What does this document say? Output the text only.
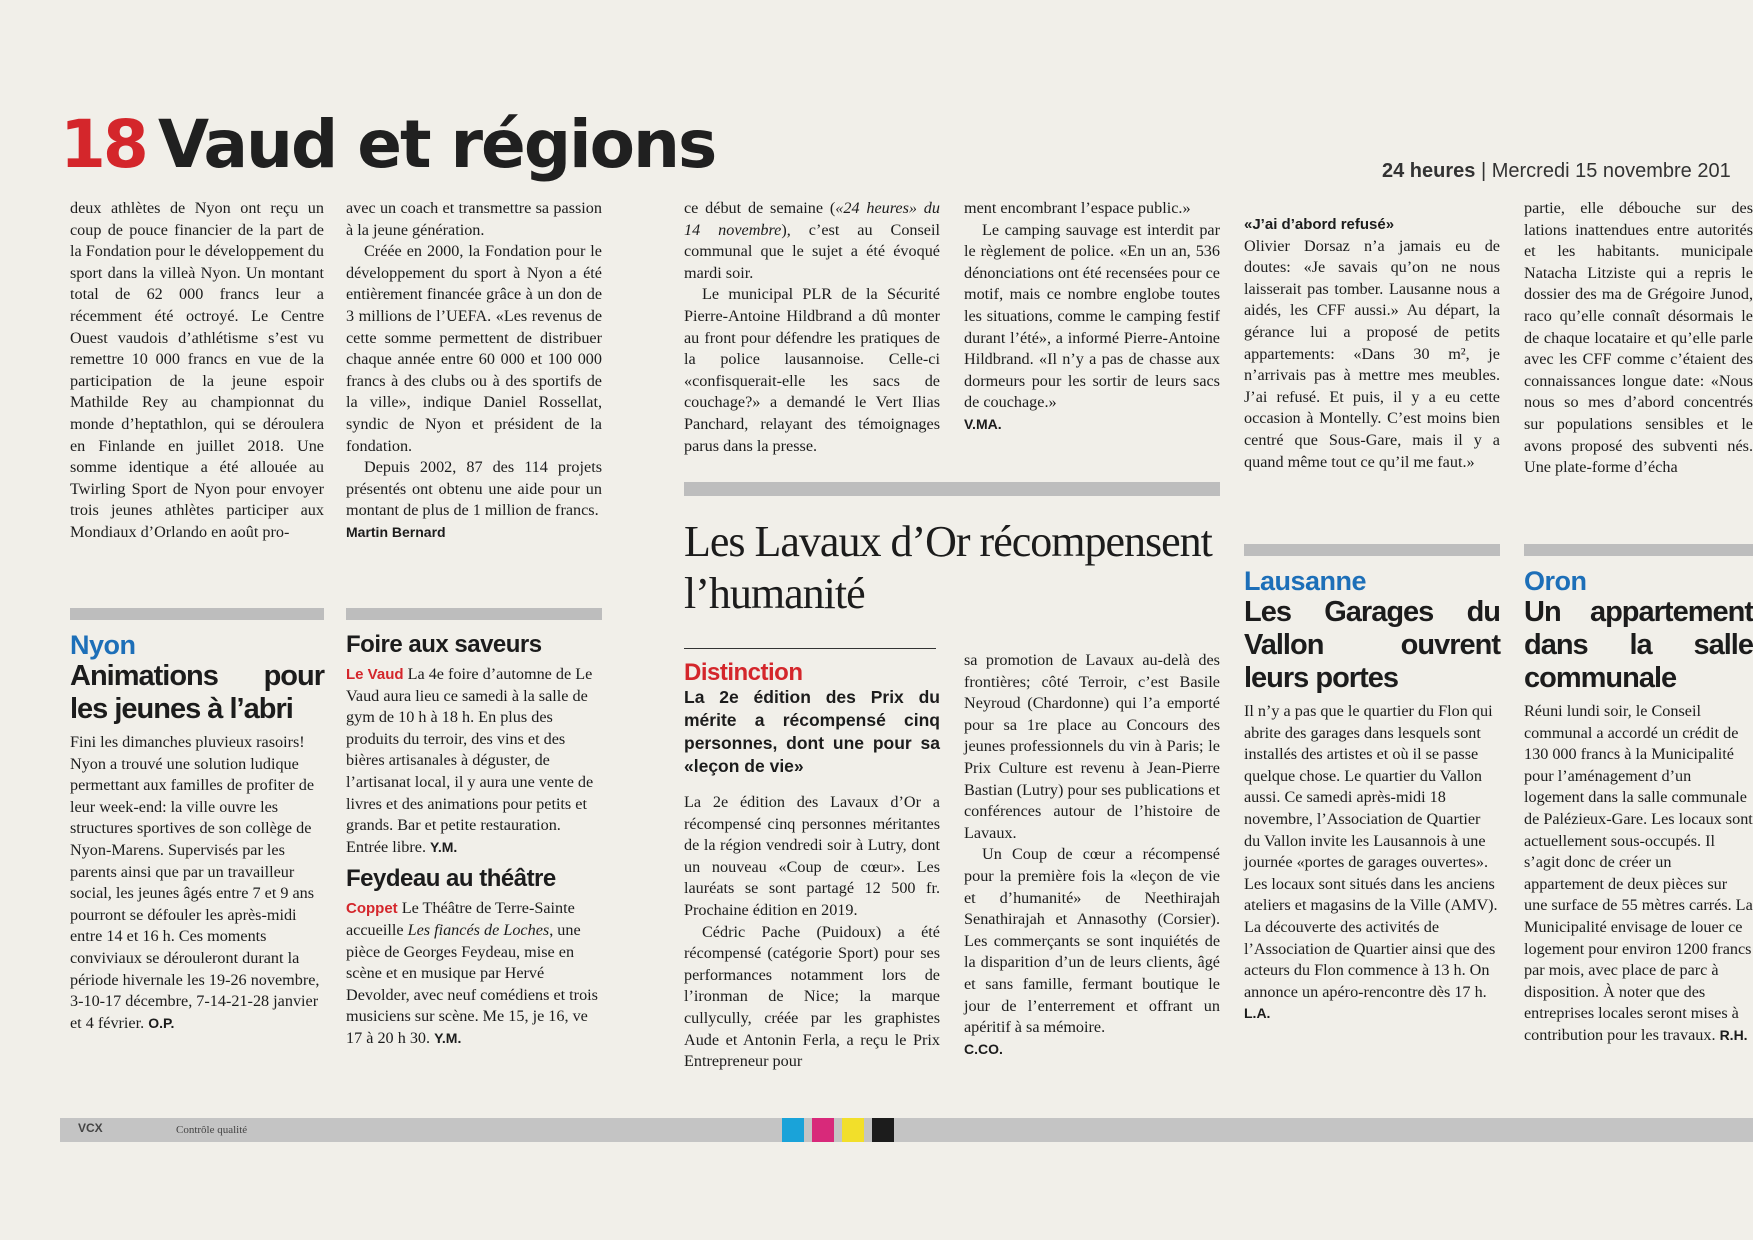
18 Vaud et régions	24 heures | Mercredi 15 novembre 201

deux athlètes de Nyon ont reçu un coup de pouce financier de la part de la Fondation pour le développement du sport dans la villeà Nyon. Un montant total de 62 000 francs leur a récemment été octroyé. Le Centre Ouest vaudois d’athlétisme s’est vu remettre 10 000 francs en vue de la participation de la jeune espoir Mathilde Rey au championnat du monde d’heptathlon, qui se déroulera en Finlande en juillet 2018. Une somme identique a été allouée au Twirling Sport de Nyon pour envoyer trois jeunes athlètes participer aux Mondiaux d’Orlando en août pro-

Nyon
Animations pour les jeunes à l’abri

Fini les dimanches pluvieux rasoirs! Nyon a trouvé une solution ludique permettant aux familles de profiter de leur week-end: la ville ouvre les structures sportives de son collège de Nyon-Marens. Supervisés par les parents ainsi que par un travailleur social, les jeunes âgés entre 7 et 9 ans pourront se défouler les après-midi entre 14 et 16 h. Ces moments conviviaux se dérouleront durant la période hivernale les 19-26 novembre, 3-10-17 décembre, 7-14-21-28 janvier et 4 février. O.P.

avec un coach et transmettre sa passion à la jeune génération.

Créée en 2000, la Fondation pour le développement du sport à Nyon a été entièrement financée grâce à un don de 3 millions de l’UEFA. «Les revenus de cette somme permettent de distribuer chaque année entre 60 000 et 100 000 francs à des clubs ou à des sportifs de la ville», indique Daniel Rossellat, syndic de Nyon et président de la fondation.

Depuis 2002, 87 des 114 projets présentés ont obtenu une aide pour un montant de plus de 1 million de francs.

Martin Bernard

Foire aux saveurs

Le Vaud La 4e foire d’automne de Le Vaud aura lieu ce samedi à la salle de gym de 10 h à 18 h. En plus des produits du terroir, des vins et des bières artisanales à déguster, de l’artisanat local, il y aura une vente de livres et des animations pour petits et grands. Bar et petite restauration. Entrée libre. Y.M.

Feydeau au théâtre

Coppet Le Théâtre de Terre-Sainte accueille Les fiancés de Loches, une pièce de Georges Feydeau, mise en scène et en musique par Hervé Devolder, avec neuf comédiens et trois musiciens sur scène. Me 15, je 16, ve 17 à 20 h 30. Y.M.

ce début de semaine («24 heures» du 14 novembre), c’est au Conseil communal que le sujet a été évoqué mardi soir.

Le municipal PLR de la Sécurité Pierre-Antoine Hildbrand a dû monter au front pour défendre les pratiques de la police lausannoise. Celle-ci «confisquerait-elle les sacs de couchage?» a demandé le Vert Ilias Panchard, relayant des témoignages parus dans la presse.

ment encombrant l’espace public.»

Le camping sauvage est interdit par le règlement de police. «En un an, 536 dénonciations ont été recensées pour ce motif, mais ce nombre englobe toutes les situations, comme le camping festif durant l’été», a informé Pierre-Antoine Hildbrand. «Il n’y a pas de chasse aux dormeurs pour les sortir de leurs sacs de couchage.»

V.MA.

Les Lavaux d’Or récompensent l’humanité
Distinction
La 2e édition des Prix du mérite a récompensé cinq personnes, dont une pour sa «leçon de vie»

La 2e édition des Lavaux d’Or a récompensé cinq personnes méritantes de la région vendredi soir à Lutry, dont un nouveau «Coup de cœur». Les lauréats se sont partagé 12 500 fr. Prochaine édition en 2019.

Cédric Pache (Puidoux) a été récompensé (catégorie Sport) pour ses performances notamment lors de l’ironman de Nice; la marque cullycully, créée par les graphistes Aude et Antonin Ferla, a reçu le Prix Entrepreneur pour

sa promotion de Lavaux au-delà des frontières; côté Terroir, c’est Basile Neyroud (Chardonne) qui l’a emporté pour sa 1re place au Concours des jeunes professionnels du vin à Paris; le Prix Culture est revenu à Jean-Pierre Bastian (Lutry) pour ses publications et conférences autour de l’histoire de Lavaux.

Un Coup de cœur a récompensé pour la première fois la «leçon de vie et d’humanité» de Neethirajah Senathirajah et Annasothy (Corsier). Les commerçants se sont inquiétés de la disparition d’un de leurs clients, âgé et sans famille, fermant boutique le jour de l’enterrement et offrant un apéritif à sa mémoire.

C.CO.

«J’ai d’abord refusé»

Olivier Dorsaz n’a jamais eu de doutes: «Je savais qu’on ne nous laisserait pas tomber. Lausanne nous a aidés, les CFF aussi.» Au départ, la gérance lui a proposé de petits appartements: «Dans 30 m², je n’arrivais pas à mettre mes meubles. J’ai refusé. Et puis, il y a eu cette occasion à Montelly. C’est moins bien centré que Sous-Gare, mais il y a quand même tout ce qu’il me faut.»

Lausanne
Les Garages du Vallon ouvrent leurs portes

Il n’y a pas que le quartier du Flon qui abrite des garages dans lesquels sont installés des artistes et où il se passe quelque chose. Le quartier du Vallon aussi. Ce samedi après-midi 18 novembre, l’Association de Quartier du Vallon invite les Lausannois à une journée «portes de garages ouvertes». Les locaux sont situés dans les anciens ateliers et magasins de la Ville (AMV). La découverte des activités de l’Association de Quartier ainsi que des acteurs du Flon commence à 13 h. On annonce un apéro-rencontre dès 17 h. L.A.

partie, elle débouche sur des lations inattendues entre autorités et les habitants. municipale Natacha Litziste qui a repris le dossier des ma de Grégoire Junod, raco qu’elle connaît désormais le de chaque locataire et qu’elle parle avec les CFF comme c’étaient des connaissances longue date: «Nous nous so mes d’abord concentrés sur populations sensibles et le avons proposé des subventi nés. Une plate-forme d’écha

Oron
Un appartement dans la salle communale

Réuni lundi soir, le Conseil communal a accordé un crédit de 130 000 francs à la Municipalité pour l’aménagement d’un logement dans la salle communale de Palézieux-Gare. Les locaux sont actuellement sous-occupés. Il s’agit donc de créer un appartement de deux pièces sur une surface de 55 mètres carrés. La Municipalité envisage de louer ce logement pour environ 1200 francs par mois, avec place de parc à disposition. À noter que des entreprises locales seront mises à contribution pour les travaux. R.H.

VCX	Contrôle qualité
